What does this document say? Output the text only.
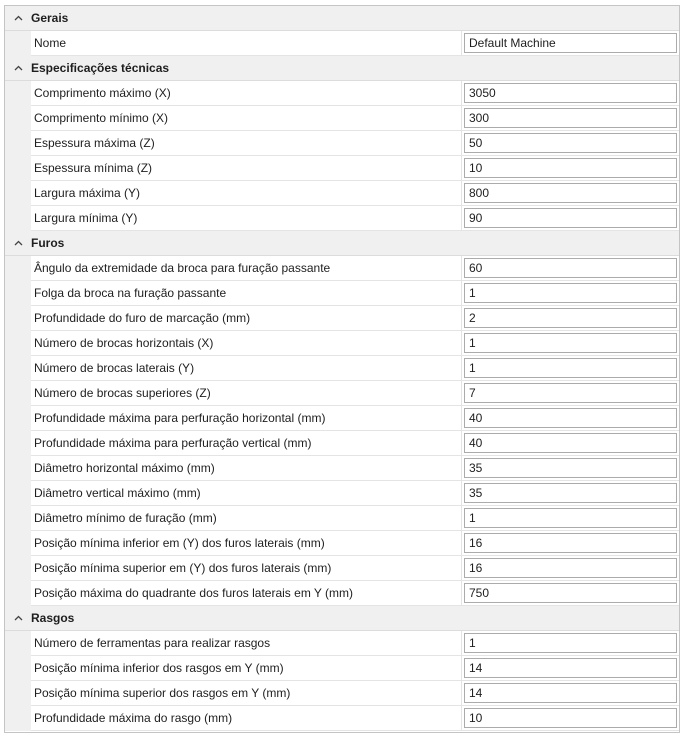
Gerais
Nome
Default Machine
Especificações técnicas
Comprimento máximo (X)
3050
Comprimento mínimo (X)
300
Espessura máxima (Z)
50
Espessura mínima (Z)
10
Largura máxima (Y)
800
Largura mínima (Y)
90
Furos
Ângulo da extremidade da broca para furação passante
60
Folga da broca na furação passante
1
Profundidade do furo de marcação (mm)
2
Número de brocas horizontais (X)
1
Número de brocas laterais (Y)
1
Número de brocas superiores (Z)
7
Profundidade máxima para perfuração horizontal (mm)
40
Profundidade máxima para perfuração vertical (mm)
40
Diâmetro horizontal máximo (mm)
35
Diâmetro vertical máximo (mm)
35
Diâmetro mínimo de furação (mm)
1
Posição mínima inferior em (Y) dos furos laterais (mm)
16
Posição mínima superior em (Y) dos furos laterais (mm)
16
Posição máxima do quadrante dos furos laterais em Y (mm)
750
Rasgos
Número de ferramentas para realizar rasgos
1
Posição mínima inferior dos rasgos em Y (mm)
14
Posição mínima superior dos rasgos em Y (mm)
14
Profundidade máxima do rasgo (mm)
10
